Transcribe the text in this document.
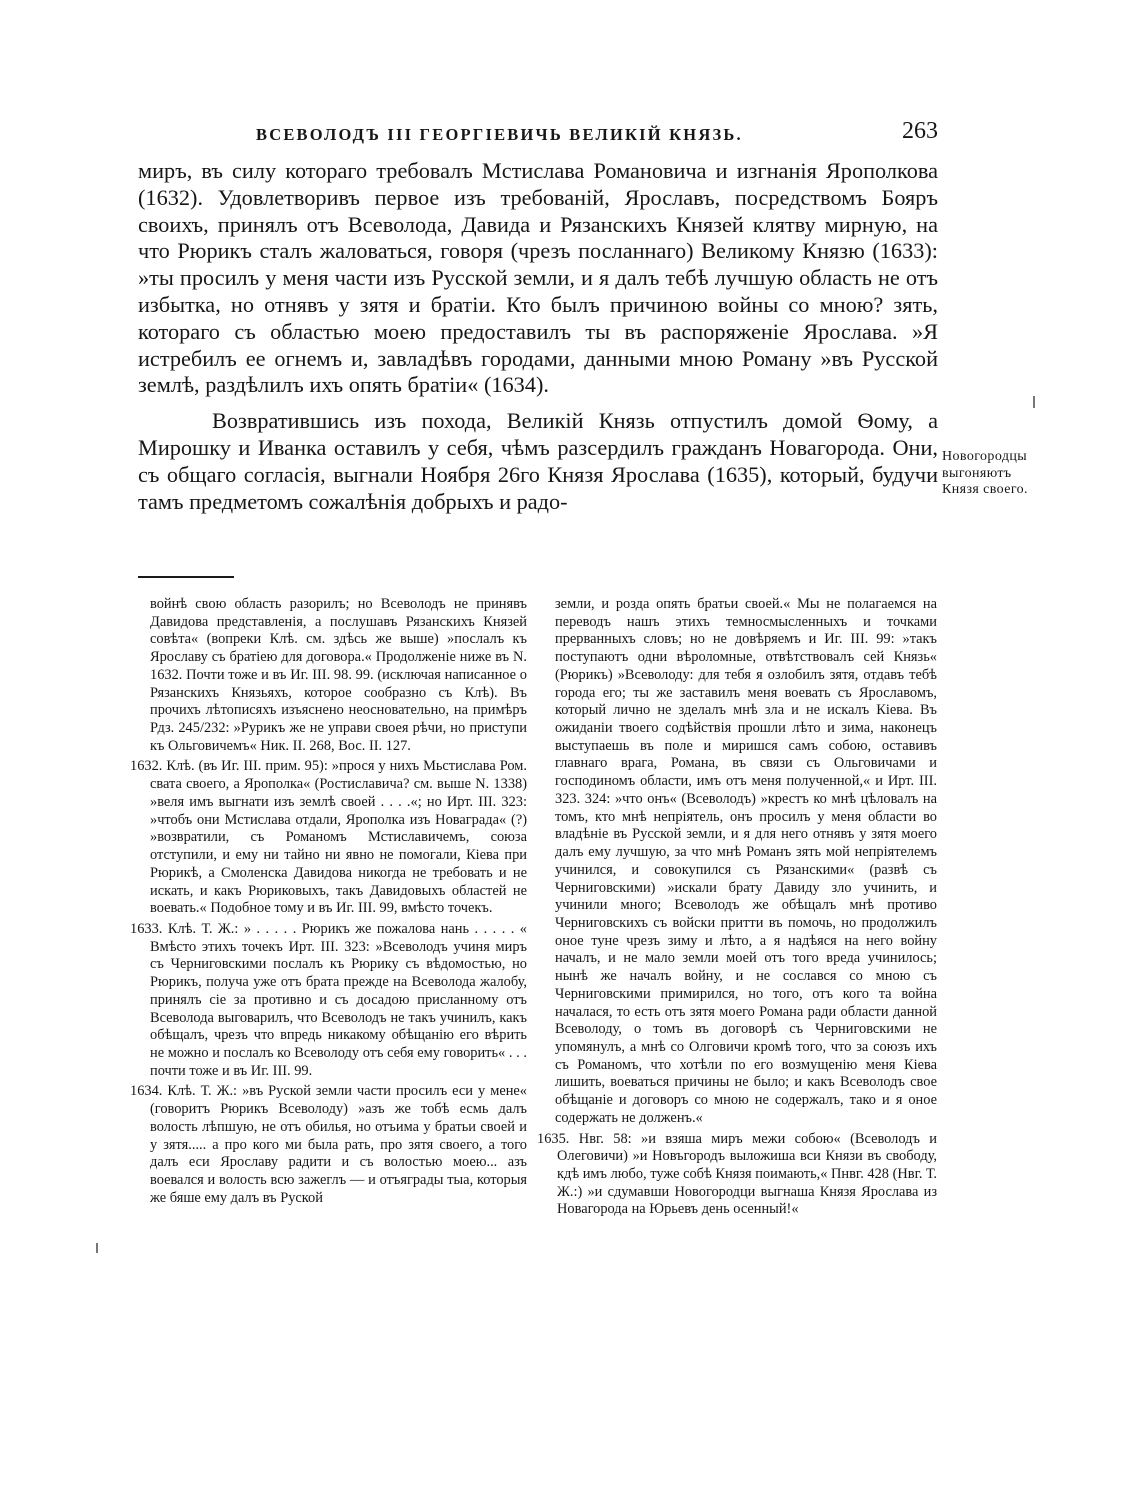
ВСЕВОЛОДЪ III ГЕОРГІЕВИЧЬ ВЕЛИКІЙ КНЯЗЬ.	263

миръ, въ силу котораго требовалъ Мстислава Романовича и изгнанія Ярополкова (1632). Удовлетворивъ первое изъ требованій, Ярославъ, посредствомъ Бояръ своихъ, принялъ отъ Всеволода, Давида и Рязанскихъ Князей клятву мирную, на что Рюрикъ сталъ жаловаться, говоря (чрезъ посланнаго) Великому Князю (1633): »ты просилъ у меня части изъ Русской земли, и я далъ тебѣ лучшую область не отъ избытка, но отнявъ у зятя и братіи. Кто былъ причиною войны со мною? зять, котораго съ областью моею предоставилъ ты въ распоряженіе Ярослава. »Я истребилъ ее огнемъ и, завладѣвъ городами, данными мною Роману »въ Русской землѣ, раздѣлилъ ихъ опять братіи« (1634).

Возвратившись изъ похода, Великій Князь отпустилъ домой Ѳому, а Мирошку и Иванка оставилъ у себя, чѣмъ разсердилъ гражданъ Новагорода. Они, съ общаго согласія, выгнали Ноября 26го Князя Ярослава (1635), который, будучи тамъ предметомъ сожалѣнія добрыхъ и радо-

Новогородцы выгоняютъ Князя своего.

войнѣ свою область разорилъ; но Всеволодъ не принявъ Давидова представленія, а послушавъ Рязанскихъ Князей совѣта« (вопреки Клѣ. см. здѣсь же выше) »послалъ къ Ярославу съ братіею для договора.« Продолженіе ниже въ N. 1632. Почти тоже и въ Иг. III. 98. 99. (исключая написанное о Рязанскихъ Князьяхъ, которое сообразно съ Клѣ). Въ прочихъ лѣтописяхъ изъяснено неосновательно, на примѣръ Рдз. 245/232: »Рурикъ же не управи своея рѣчи, но приступи къ Ольговичемъ« Ник. II. 268, Вос. II. 127.

1632. Клѣ. (въ Иг. III. прим. 95): »прося у нихъ Мьстислава Ром. свата своего, а Ярополка« (Ростиславича? см. выше N. 1338) »веля имъ выгнати изъ землѣ своей . . . .«; но Ирт. III. 323: »чтобъ они Мстислава отдали, Ярополка изъ Новаграда« (?) »возвратили, съ Романомъ Мстиславичемъ, союза отступили, и ему ни тайно ни явно не помогали, Кіева при Рюрикѣ, а Смоленска Давидова никогда не требовать и не искать, и какъ Рюриковыхъ, такъ Давидовыхъ областей не воевать.« Подобное тому и въ Иг. III. 99, вмѣсто точекъ.

1633. Клѣ. Т. Ж.: » . . . . . Рюрикъ же пожалова нань . . . . . « Вмѣсто этихъ точекъ Ирт. III. 323: »Всеволодъ учиня миръ съ Черниговскими послалъ къ Рюрику съ вѣдомостью, но Рюрикъ, получа уже отъ брата прежде на Всеволода жалобу, принялъ сіе за противно и съ досадою присланному отъ Всеволода выговарилъ, что Всеволодъ не такъ учинилъ, какъ обѣщалъ, чрезъ что впредь никакому обѣщанію его вѣрить не можно и послалъ ко Всеволоду отъ себя ему говорить« . . . почти тоже и въ Иг. III. 99.

1634. Клѣ. Т. Ж.: »въ Руской земли части просилъ еси у мене« (говоритъ Рюрикъ Всеволоду) »азъ же тобѣ есмь далъ волость лѣпшую, не отъ обилья, но отъима у братьи своей и у зятя..... а про кого ми была рать, про зятя своего, а того далъ еси Ярославу радити и съ волостью моею... азъ воевался и волость всю зажеглъ — и отъяграды тыа, которыя же бяше ему далъ въ Руской

земли, и розда опять братьи своей.« Мы не полагаемся на переводъ нашъ этихъ темносмысленныхъ и точками прерванныхъ словъ; но не довѣряемъ и Иг. III. 99: »такъ поступаютъ одни вѣроломные, отвѣтствовалъ сей Князь« (Рюрикъ) »Всеволоду: для тебя я озлобилъ зятя, отдавъ тебѣ города его; ты же заставилъ меня воевать съ Ярославомъ, который лично не зделалъ мнѣ зла и не искалъ Кіева. Въ ожиданіи твоего содѣйствія прошли лѣто и зима, наконецъ выступаешь въ поле и миришся самъ собою, оставивъ главнаго врага, Романа, въ связи съ Ольговичами и господиномъ области, имъ отъ меня полученной,« и Ирт. III. 323. 324: »что онъ« (Всеволодъ) »крестъ ко мнѣ цѣловалъ на томъ, кто мнѣ непріятель, онъ просилъ у меня области во владѣніе въ Русской земли, и я для него отнявъ у зятя моего далъ ему лучшую, за что мнѣ Романъ зять мой непріятелемъ учинился, и совокупился съ Рязанскими« (развѣ съ Черниговскими) »искали брату Давиду зло учинить, и учинили много; Всеволодъ же обѣщалъ мнѣ противо Черниговскихъ съ войски притти въ помочь, но продолжилъ оное туне чрезъ зиму и лѣто, а я надѣяся на него войну началъ, и не мало земли моей отъ того вреда учинилось; нынѣ же началъ войну, и не сослався со мною съ Черниговскими примирился, но того, отъ кого та война началася, то есть отъ зятя моего Романа ради области данной Всеволоду, о томъ въ договорѣ съ Черниговскими не упомянулъ, а мнѣ со Олговичи кромѣ того, что за союзъ ихъ съ Романомъ, что хотѣли по его возмущенію меня Кіева лишить, воеваться причины не было; и какъ Всеволодъ свое обѣщаніе и договоръ со мною не содержалъ, тако и я оное содержать не долженъ.«

1635. Нвг. 58: »и взяша миръ межи собою« (Всеволодъ и Олеговичи) »и Новъгородъ выложиша вси Князи въ свободу, кдѣ имъ любо, туже собѣ Князя поимають,« Пнвг. 428 (Нвг. Т. Ж.:) »и сдумавши Новогородци выгнаша Князя Ярослава из Новагорода на Юрьевъ день осенный!«
